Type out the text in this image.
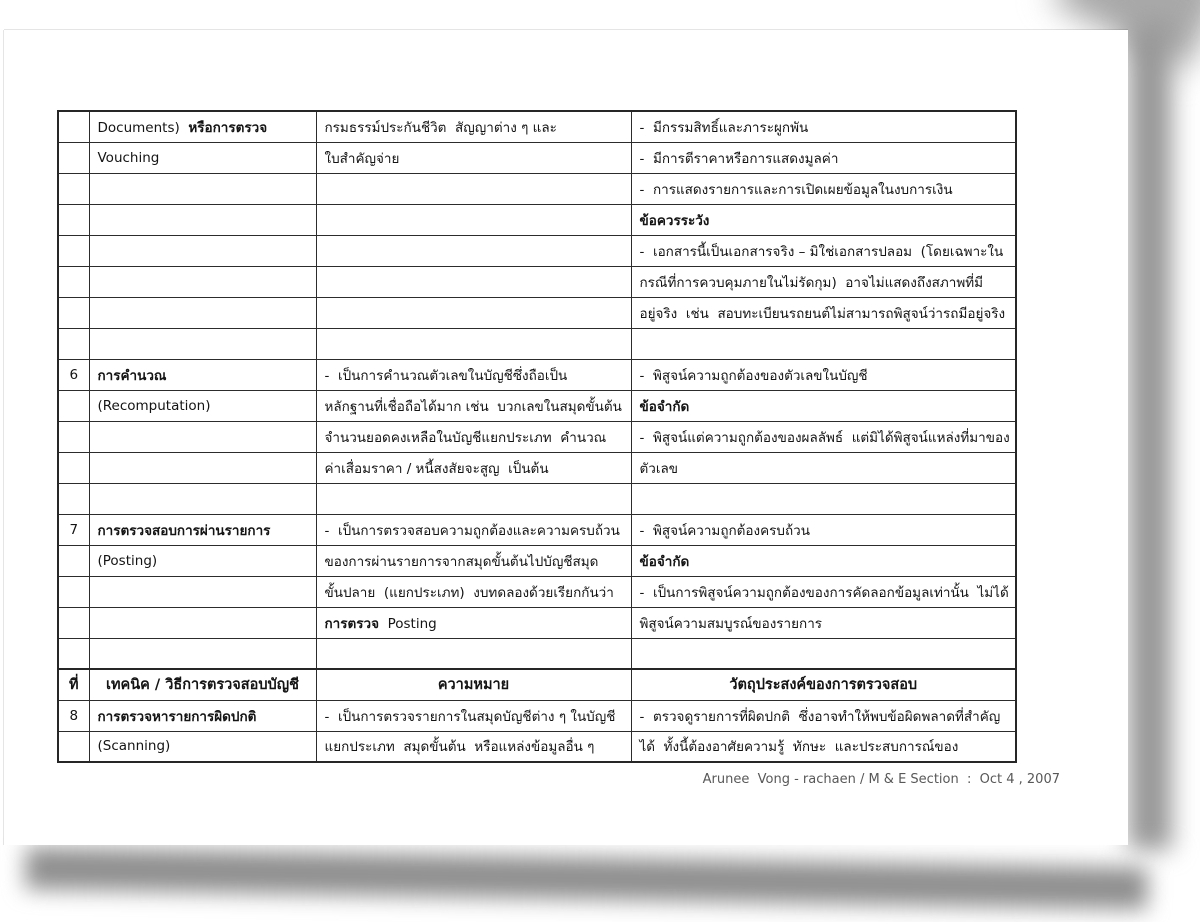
	Documents)  หรือการตรวจ	กรมธรรม์ประกันชีวิต  สัญญาต่าง ๆ และ	-  มีกรรมสิทธิ์และภาระผูกพัน
	Vouching	ใบสำคัญจ่าย	-  มีการตีราคาหรือการแสดงมูลค่า
			-  การแสดงรายการและการเปิดเผยข้อมูลในงบการเงิน
			ข้อควรระวัง
			-  เอกสารนี้เป็นเอกสารจริง – มิใช่เอกสารปลอม  (โดยเฉพาะใน
			กรณีที่การควบคุมภายในไม่รัดกุม)  อาจไม่แสดงถึงสภาพที่มี
			อยู่จริง  เช่น  สอบทะเบียนรถยนต์ไม่สามารถพิสูจน์ว่ารถมีอยู่จริง

6	การคำนวณ	-  เป็นการคำนวณตัวเลขในบัญชีซึ่งถือเป็น	-  พิสูจน์ความถูกต้องของตัวเลขในบัญชี
	(Recomputation)	หลักฐานที่เชื่อถือได้มาก เช่น  บวกเลขในสมุดขั้นต้น	ข้อจำกัด
		จำนวนยอดคงเหลือในบัญชีแยกประเภท  คำนวณ	-  พิสูจน์แต่ความถูกต้องของผลลัพธ์  แต่มิได้พิสูจน์แหล่งที่มาของ
		ค่าเสื่อมราคา / หนี้สงสัยจะสูญ  เป็นต้น	ตัวเลข

7	การตรวจสอบการผ่านรายการ	-  เป็นการตรวจสอบความถูกต้องและความครบถ้วน	-  พิสูจน์ความถูกต้องครบถ้วน
	(Posting)	ของการผ่านรายการจากสมุดขั้นต้นไปบัญชีสมุด	ข้อจำกัด
		ขั้นปลาย  (แยกประเภท)  งบทดลองด้วยเรียกกันว่า	-  เป็นการพิสูจน์ความถูกต้องของการคัดลอกข้อมูลเท่านั้น  ไม่ได้
		การตรวจ  Posting	พิสูจน์ความสมบูรณ์ของรายการ

ที่	เทคนิค / วิธีการตรวจสอบบัญชี	ความหมาย	วัตถุประสงค์ของการตรวจสอบ
8	การตรวจหารายการผิดปกติ	-  เป็นการตรวจรายการในสมุดบัญชีต่าง ๆ ในบัญชี	-  ตรวจดูรายการที่ผิดปกติ  ซึ่งอาจทำให้พบข้อผิดพลาดที่สำคัญ
	(Scanning)	แยกประเภท  สมุดขั้นต้น  หรือแหล่งข้อมูลอื่น ๆ	ได้  ทั้งนี้ต้องอาศัยความรู้  ทักษะ  และประสบการณ์ของ
Arunee  Vong - rachaen / M & E Section  :  Oct 4 , 2007
